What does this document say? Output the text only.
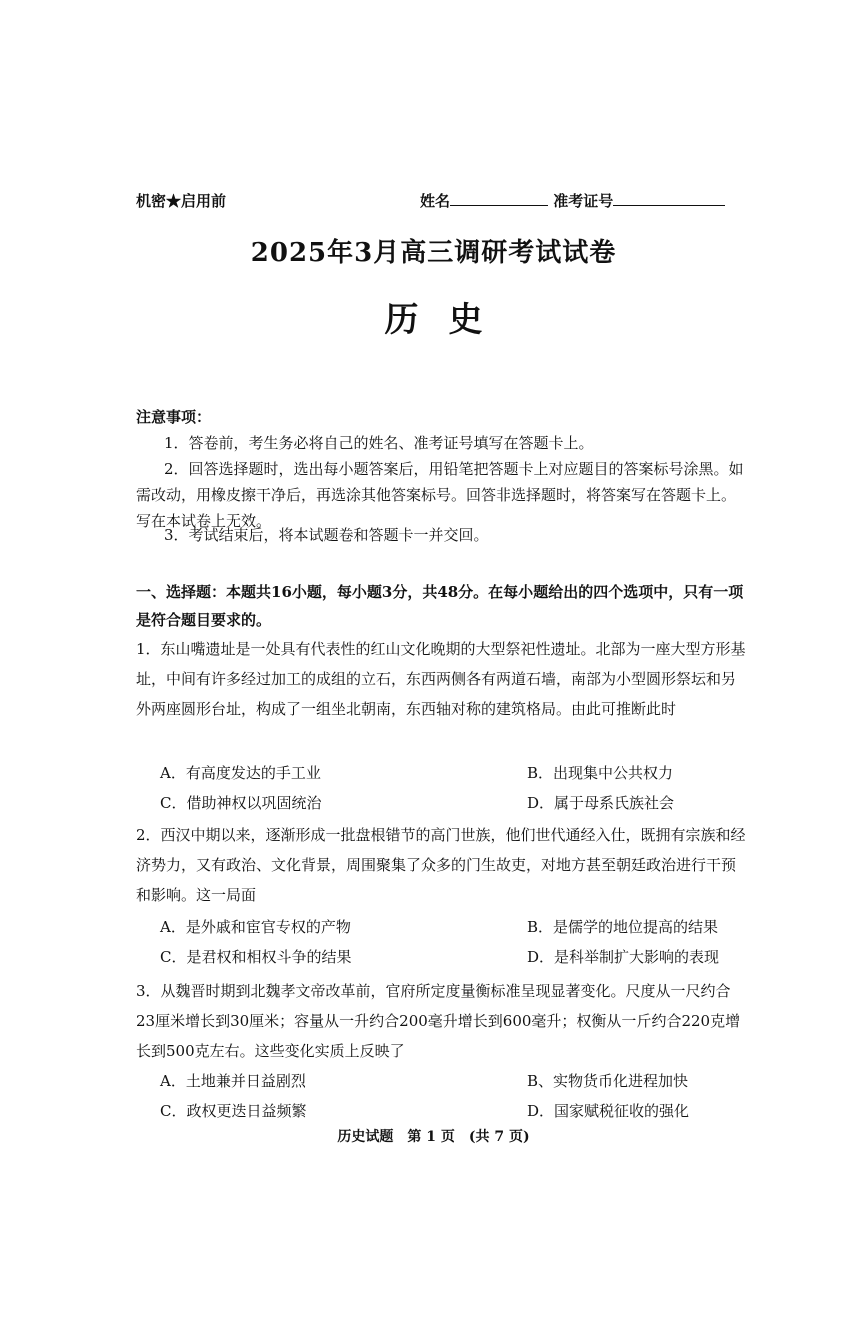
机密★启用前	姓名	准考证号
2025年3月高三调研考试试卷
历史
注意事项：
1．答卷前，考生务必将自己的姓名、准考证号填写在答题卡上。
2．回答选择题时，选出每小题答案后，用铅笔把答题卡上对应题目的答案标号涂黑。如需改动，用橡皮擦干净后，再选涂其他答案标号。回答非选择题时，将答案写在答题卡上。写在本试卷上无效。
3．考试结束后，将本试题卷和答题卡一并交回。
一、选择题：本题共16小题，每小题3分，共48分。在每小题给出的四个选项中，只有一项是符合题目要求的。
1．东山嘴遗址是一处具有代表性的红山文化晚期的大型祭祀性遗址。北部为一座大型方形基址，中间有许多经过加工的成组的立石，东西两侧各有两道石墙，南部为小型圆形祭坛和另外两座圆形台址，构成了一组坐北朝南，东西轴对称的建筑格局。由此可推断此时
A．有高度发达的手工业	B．出现集中公共权力
C．借助神权以巩固统治	D．属于母系氏族社会
2．西汉中期以来，逐渐形成一批盘根错节的高门世族，他们世代通经入仕，既拥有宗族和经济势力，又有政治、文化背景，周围聚集了众多的门生故吏，对地方甚至朝廷政治进行干预和影响。这一局面
A．是外戚和宦官专权的产物	B．是儒学的地位提高的结果
C．是君权和相权斗争的结果	D．是科举制扩大影响的表现
3．从魏晋时期到北魏孝文帝改革前，官府所定度量衡标准呈现显著变化。尺度从一尺约合23厘米增长到30厘米；容量从一升约合200毫升增长到600毫升；权衡从一斤约合220克增长到500克左右。这些变化实质上反映了
A．土地兼并日益剧烈	B、实物货币化进程加快
C．政权更迭日益频繁	D．国家赋税征收的强化
历史试题　第 1 页　(共 7 页)
